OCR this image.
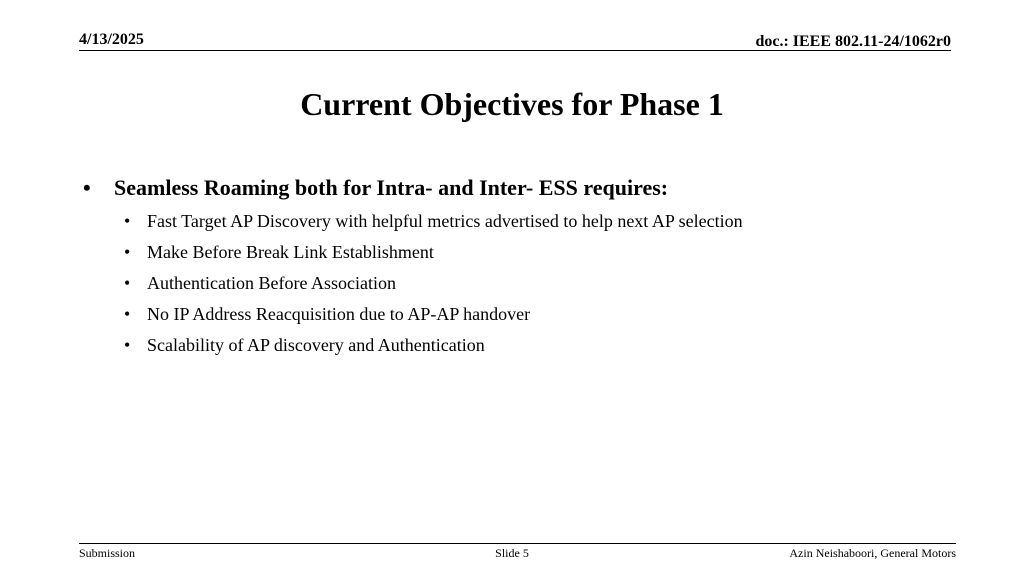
4/13/2025	doc.: IEEE 802.11-24/1062r0
Current Objectives for Phase 1
• Seamless Roaming both for Intra- and Inter- ESS requires:
• Fast Target AP Discovery with helpful metrics advertised to help next AP selection
• Make Before Break Link Establishment
• Authentication Before Association
• No IP Address Reacquisition due to AP-AP handover
• Scalability of AP discovery and Authentication
Submission	Slide 5	Azin Neishaboori, General Motors
